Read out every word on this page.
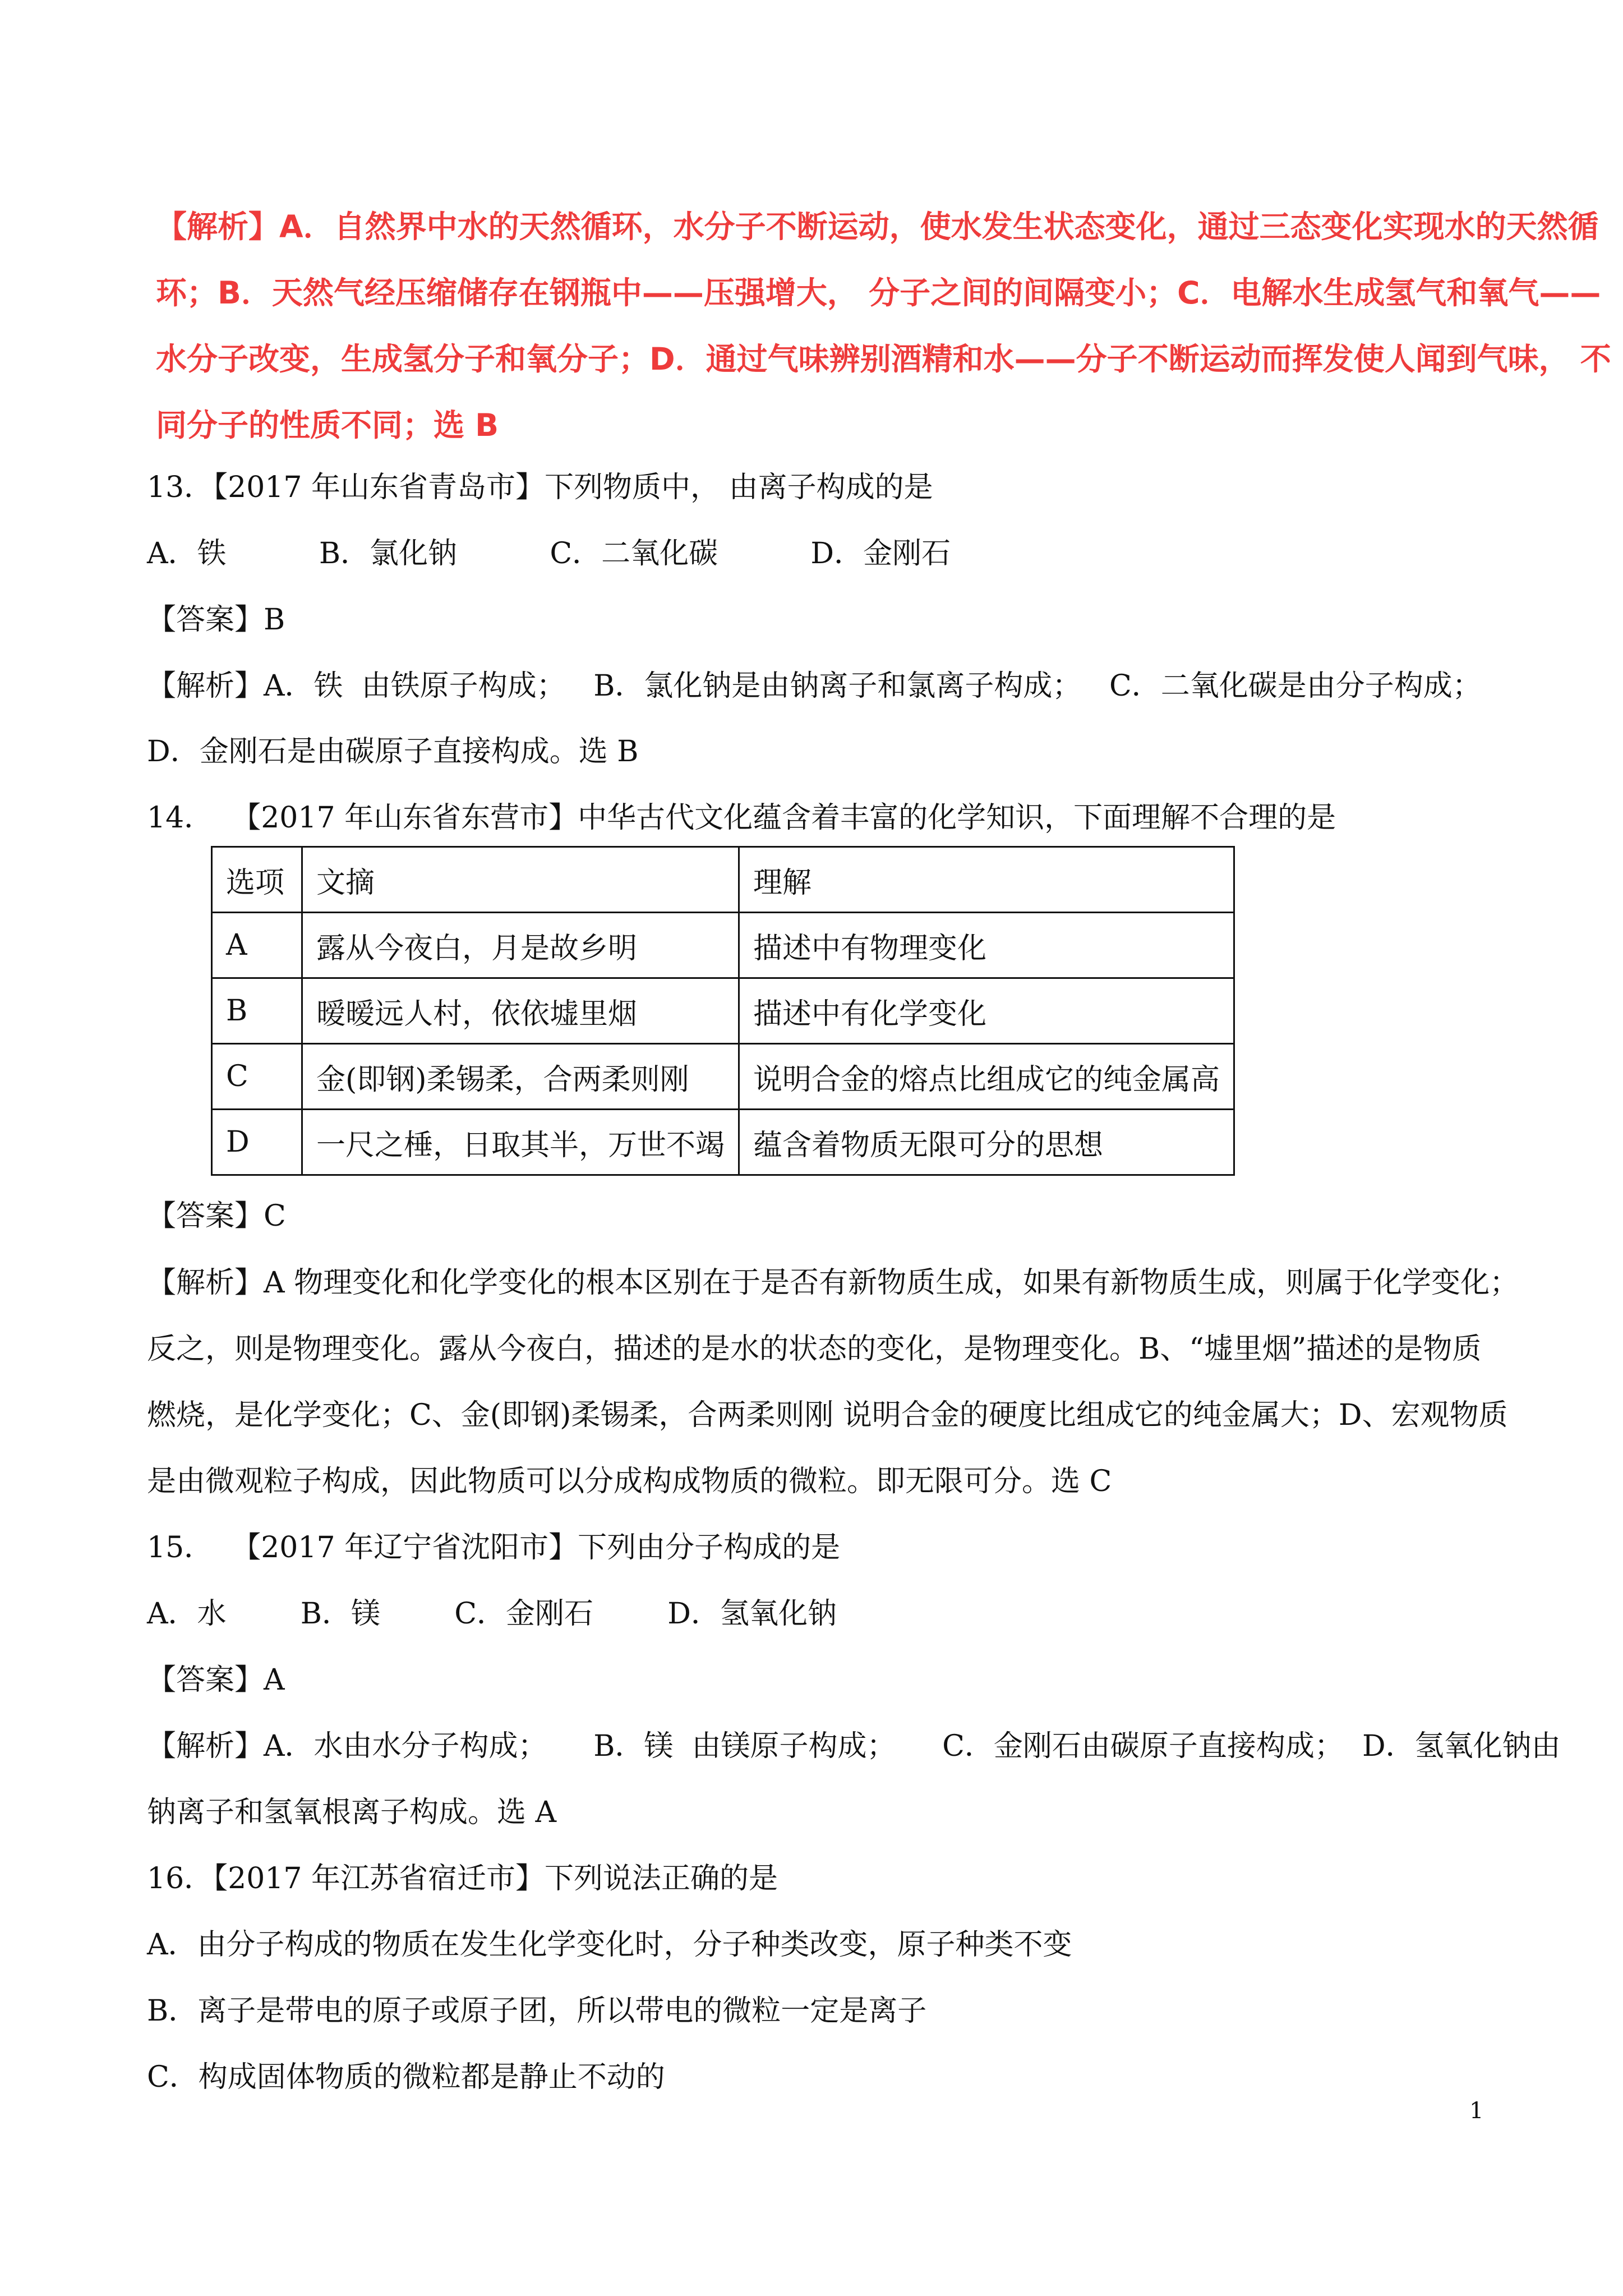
【解析】A．自然界中水的天然循环，水分子不断运动，使水发生状态变化，通过三态变化实现水的天然循
环；B．天然气经压缩储存在钢瓶中——压强增大， 分子之间的间隔变小；C．电解水生成氢气和氧气——
水分子改变，生成氢分子和氧分子；D．通过气味辨别酒精和水——分子不断运动而挥发使人闻到气味， 不
同分子的性质不同；选 B
13．【2017 年山东省青岛市】下列物质中， 由离子构成的是
A．铁          B．氯化钠          C．二氧化碳          D．金刚石
【答案】B
【解析】A．铁  由铁原子构成；   B．氯化钠是由钠离子和氯离子构成；   C．二氧化碳是由分子构成；
D．金刚石是由碳原子直接构成。选 B
14．  【2017 年山东省东营市】中华古代文化蕴含着丰富的化学知识，下面理解不合理的是
选项	文摘	理解
A	露从今夜白，月是故乡明	描述中有物理变化
B	暧暧远人村，依依墟里烟	描述中有化学变化
C	金(即钢)柔锡柔，合两柔则刚	说明合金的熔点比组成它的纯金属高
D	一尺之棰，日取其半，万世不竭	蕴含着物质无限可分的思想
【答案】C
【解析】A 物理变化和化学变化的根本区别在于是否有新物质生成，如果有新物质生成，则属于化学变化；
反之，则是物理变化。露从今夜白，描述的是水的状态的变化，是物理变化。B、“墟里烟”描述的是物质
燃烧，是化学变化；C、金(即钢)柔锡柔，合两柔则刚 说明合金的硬度比组成它的纯金属大；D、宏观物质
是由微观粒子构成，因此物质可以分成构成物质的微粒。即无限可分。选 C
15．  【2017 年辽宁省沈阳市】下列由分子构成的是
A．水        B．镁        C．金刚石        D．氢氧化钠
【答案】A
【解析】A．水由水分子构成；     B．镁  由镁原子构成；     C．金刚石由碳原子直接构成；  D．氢氧化钠由
钠离子和氢氧根离子构成。选 A
16．【2017 年江苏省宿迁市】下列说法正确的是
A．由分子构成的物质在发生化学变化时，分子种类改变，原子种类不变
B．离子是带电的原子或原子团，所以带电的微粒一定是离子
C．构成固体物质的微粒都是静止不动的
1
